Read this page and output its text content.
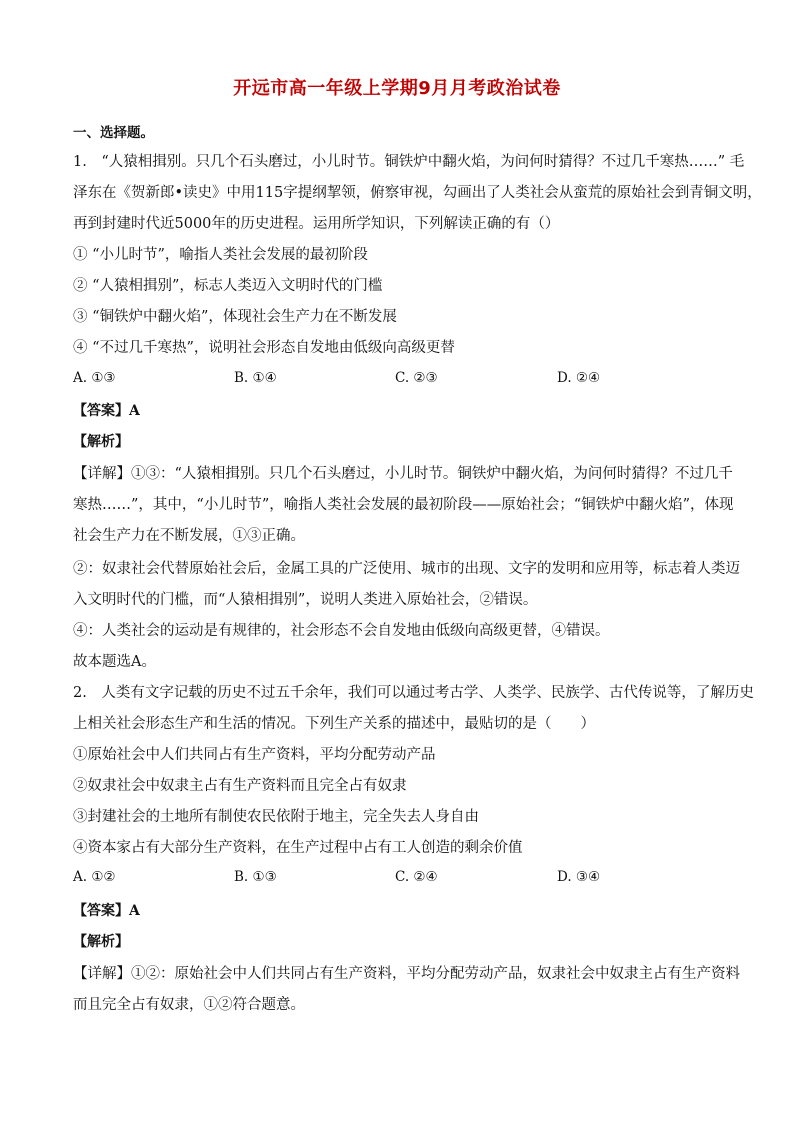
开远市高一年级上学期9月月考政治试卷
一、选择题。
1.　“人猿相揖别。只几个石头磨过，小儿时节。铜铁炉中翻火焰，为问何时猜得？不过几千寒热……” 毛
泽东在《贺新郎•读史》中用115字提纲挈领，俯察审视，勾画出了人类社会从蛮荒的原始社会到青铜文明，
再到封建时代近5000年的历史进程。运用所学知识，下列解读正确的有（）
① “小儿时节”，喻指人类社会发展的最初阶段
② “人猿相揖别”，标志人类迈入文明时代的门槛
③ “铜铁炉中翻火焰”，体现社会生产力在不断发展
④ “不过几千寒热”，说明社会形态自发地由低级向高级更替
A. ①③	B. ①④	C. ②③	D. ②④
【答案】A
【解析】
【详解】①③：“人猿相揖别。只几个石头磨过，小儿时节。铜铁炉中翻火焰，为问何时猜得？不过几千
寒热……”，其中，“小儿时节”，喻指人类社会发展的最初阶段——原始社会；“铜铁炉中翻火焰”，体现
社会生产力在不断发展，①③正确。
②：奴隶社会代替原始社会后，金属工具的广泛使用、城市的出现、文字的发明和应用等，标志着人类迈
入文明时代的门槛，而“人猿相揖别”，说明人类进入原始社会，②错误。
④：人类社会的运动是有规律的，社会形态不会自发地由低级向高级更替，④错误。
故本题选A。
2.　人类有文字记载的历史不过五千余年，我们可以通过考古学、人类学、民族学、古代传说等，了解历史
上相关社会形态生产和生活的情况。下列生产关系的描述中，最贴切的是（　　）
①原始社会中人们共同占有生产资料，平均分配劳动产品
②奴隶社会中奴隶主占有生产资料而且完全占有奴隶
③封建社会的土地所有制使农民依附于地主，完全失去人身自由
④资本家占有大部分生产资料，在生产过程中占有工人创造的剩余价值
A. ①②	B. ①③	C. ②④	D. ③④
【答案】A
【解析】
【详解】①②：原始社会中人们共同占有生产资料，平均分配劳动产品，奴隶社会中奴隶主占有生产资料
而且完全占有奴隶，①②符合题意。
